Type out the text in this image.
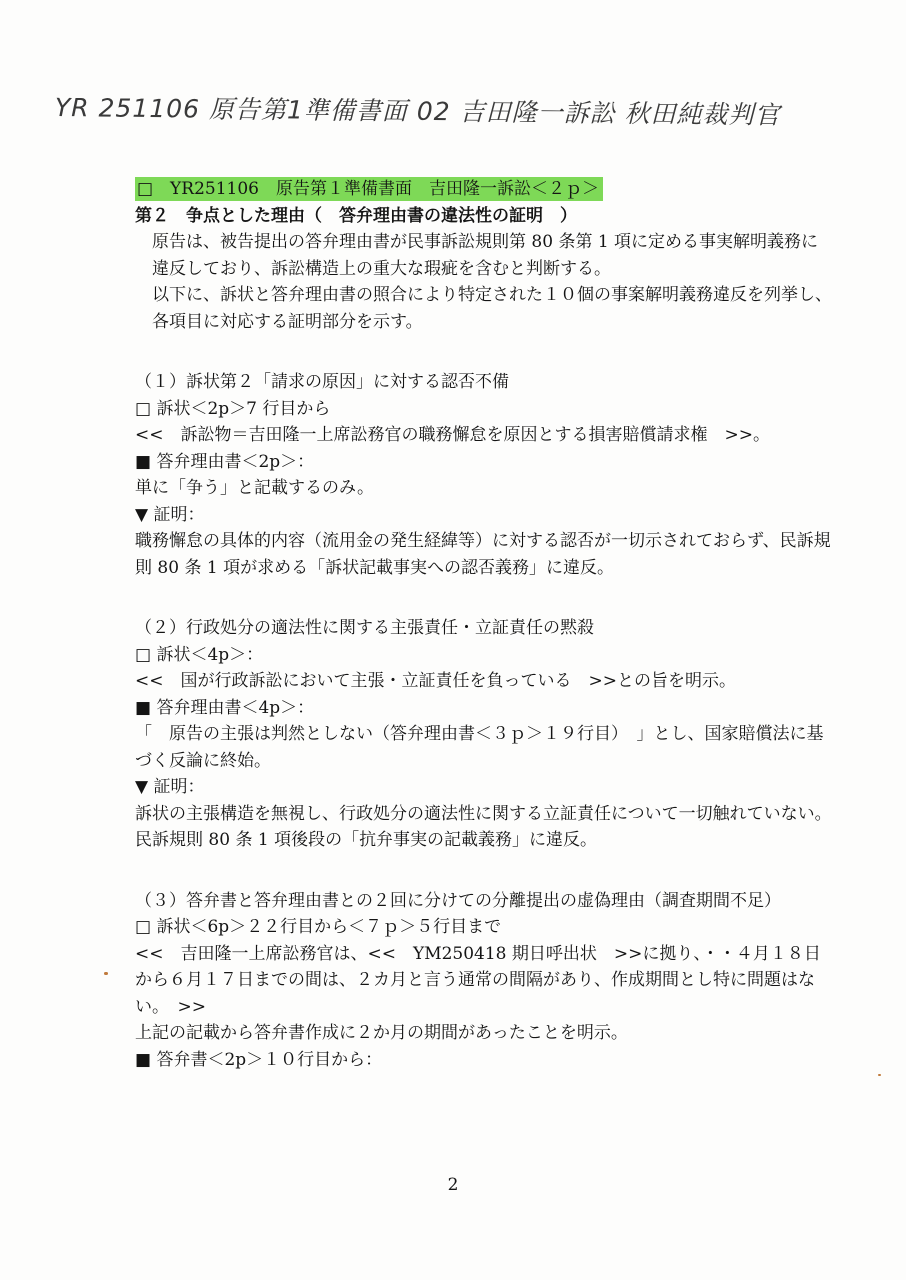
YR 251106 原告第1準備書面 02 吉田隆一訴訟 秋田純裁判官
□　YR251106　原告第１準備書面　吉田隆一訴訟＜２ｐ＞
第２　争点とした理由（　答弁理由書の違法性の証明　）

原告は、被告提出の答弁理由書が民事訴訟規則第 80 条第 1 項に定める事実解明義務に違反しており、訴訟構造上の重大な瑕疵を含むと判断する。

以下に、訴状と答弁理由書の照合により特定された１０個の事案解明義務違反を列挙し、各項目に対応する証明部分を示す。

（１）訴状第２「請求の原因」に対する認否不備
□ 訴状＜2p＞7 行目から
<<　訴訟物＝吉田隆一上席訟務官の職務懈怠を原因とする損害賠償請求権　>>。
■ 答弁理由書＜2p＞：
単に「争う」と記載するのみ。
▼ 証明：

職務懈怠の具体的内容（流用金の発生経緯等）に対する認否が一切示されておらず、民訴規則 80 条 1 項が求める「訴状記載事実への認否義務」に違反。

（２）行政処分の適法性に関する主張責任・立証責任の黙殺
□ 訴状＜4p＞：
<<　国が行政訴訟において主張・立証責任を負っている　>>との旨を明示。
■ 答弁理由書＜4p＞：

「　原告の主張は判然としない（答弁理由書＜３ｐ＞１９行目）　」とし、国家賠償法に基づく反論に終始。

▼ 証明：

訴状の主張構造を無視し、行政処分の適法性に関する立証責任について一切触れていない。

民訴規則 80 条 1 項後段の「抗弁事実の記載義務」に違反。

（３）答弁書と答弁理由書との２回に分けての分離提出の虚偽理由（調査期間不足）

□ 訴状＜6p＞２２行目から＜７ｐ＞５行目まで

<<　吉田隆一上席訟務官は、<<　YM250418 期日呼出状　>>に拠り、・・４月１８日から６月１７日までの間は、２カ月と言う通常の間隔があり、作成期間とし特に問題はない。　>>

上記の記載から答弁書作成に２か月の期間があったことを明示。
■ 答弁書＜2p＞１０行目から：
2
